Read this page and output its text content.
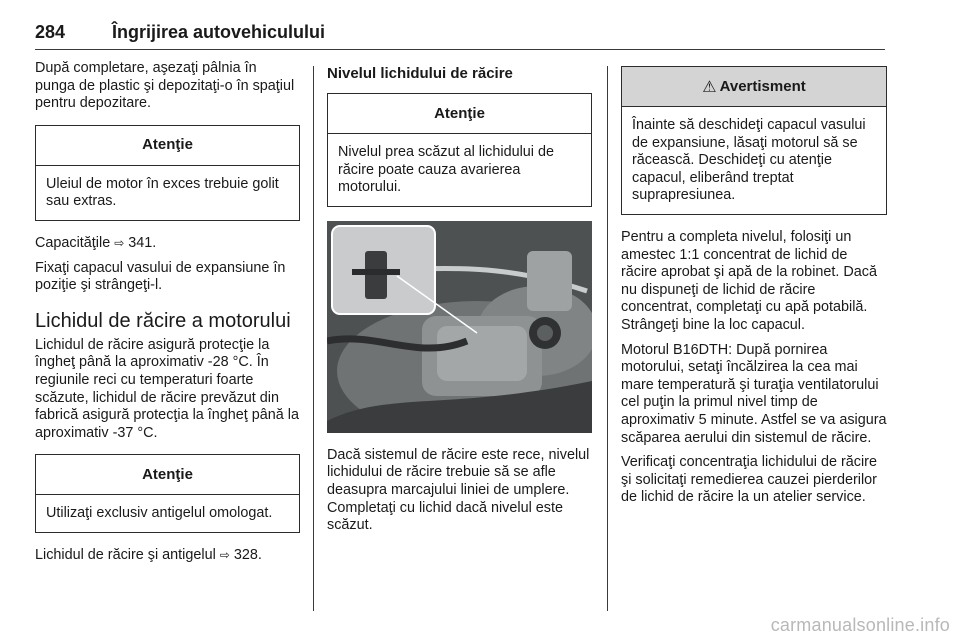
284	Îngrijirea autovehiculului

După completare, aşezaţi pâlnia în punga de plastic şi depozitaţi-o în spaţiul pentru depozitare.

Atenţie
Uleiul de motor în exces trebuie golit sau extras.

Capacităţile ⇨ 341.

Fixaţi capacul vasului de expansiune în poziţie şi strângeţi-l.

Lichidul de răcire a motorului

Lichidul de răcire asigură protecţie la îngheţ până la aproximativ -28 °C. În regiunile reci cu temperaturi foarte scăzute, lichidul de răcire prevăzut din fabrică asigură protecţia la îngheţ până la aproximativ -37 °C.

Atenţie
Utilizaţi exclusiv antigelul omologat.

Lichidul de răcire şi antigelul ⇨ 328.

Nivelul lichidului de răcire
Atenţie
Nivelul prea scăzut al lichidului de răcire poate cauza avarierea motorului.

Dacă sistemul de răcire este rece, nivelul lichidului de răcire trebuie să se afle deasupra marcajului liniei de umplere. Completaţi cu lichid dacă nivelul este scăzut.

⚠ Avertisment
Înainte să deschideţi capacul vasului de expansiune, lăsaţi motorul să se răcească. Deschideţi cu atenţie capacul, eliberând treptat suprapresiunea.

Pentru a completa nivelul, folosiţi un amestec 1:1 concentrat de lichid de răcire aprobat şi apă de la robinet. Dacă nu dispuneţi de lichid de răcire concentrat, completaţi cu apă potabilă. Strângeţi bine la loc capacul.

Motorul B16DTH: După pornirea motorului, setaţi încălzirea la cea mai mare temperatură şi turaţia ventilatorului cel puţin la primul nivel timp de aproximativ 5 minute. Astfel se va asigura scăparea aerului din sistemul de răcire.

Verificaţi concentraţia lichidului de răcire şi solicitaţi remedierea cauzei pierderilor de lichid de răcire la un atelier service.

carmanualsonline.info
